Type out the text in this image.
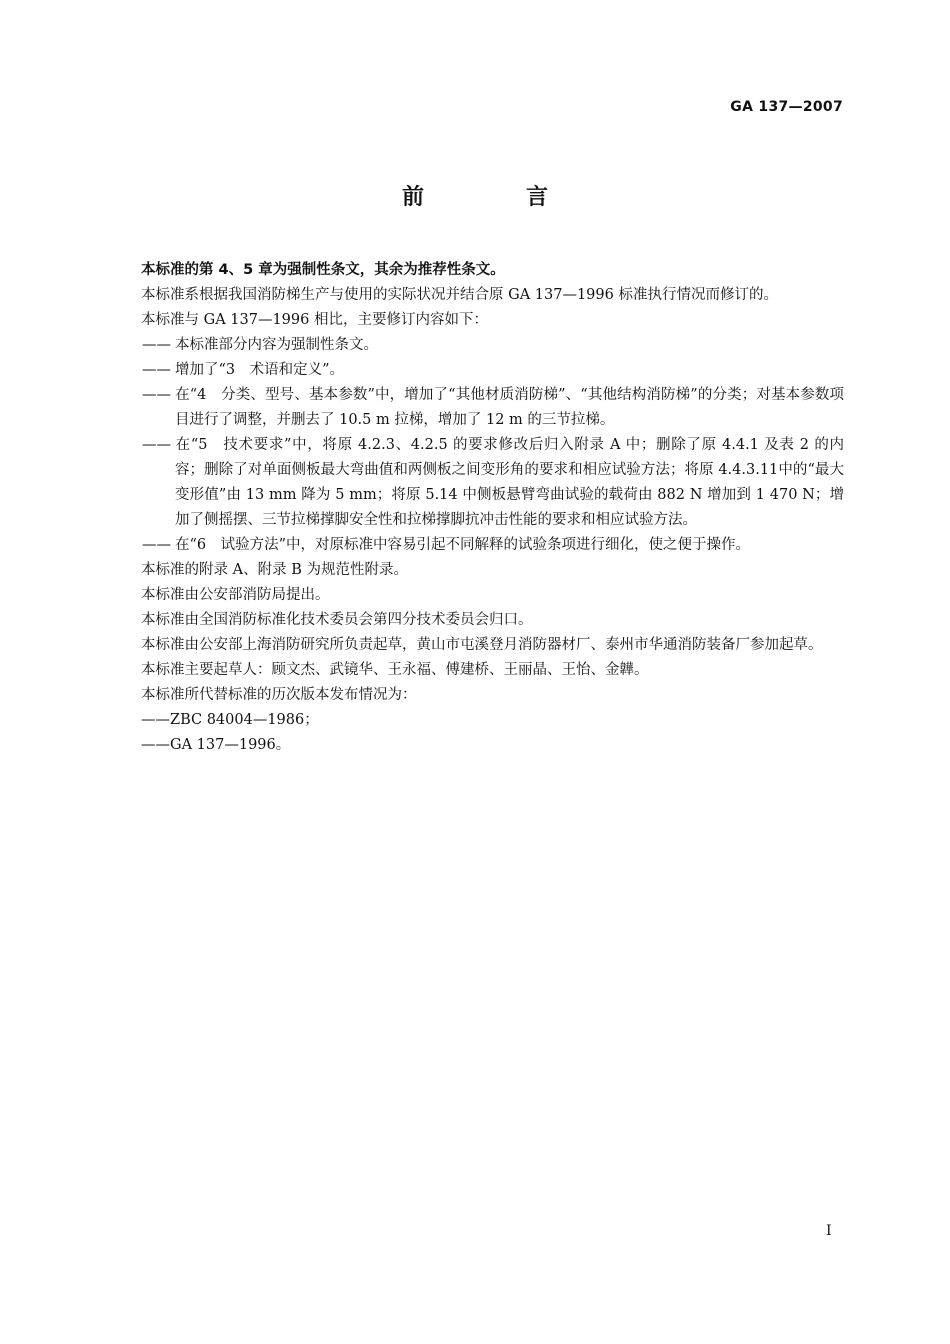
GA 137—2007
前　言

本标准的第 4、5 章为强制性条文，其余为推荐性条文。

本标准系根据我国消防梯生产与使用的实际状况并结合原 GA 137—1996 标准执行情况而修订的。

本标准与 GA 137—1996 相比，主要修订内容如下：

—— 本标准部分内容为强制性条文。

—— 增加了“3　术语和定义”。

—— 在“4　分类、型号、基本参数”中，增加了“其他材质消防梯”、“其他结构消防梯”的分类；对基本参数项目进行了调整，并删去了 10.5 m 拉梯，增加了 12 m 的三节拉梯。

—— 在“5　技术要求”中，将原 4.2.3、4.2.5 的要求修改后归入附录 A 中；删除了原 4.4.1 及表 2 的内容；删除了对单面侧板最大弯曲值和两侧板之间变形角的要求和相应试验方法；将原 4.4.3.11中的“最大变形值”由 13 mm 降为 5 mm；将原 5.14 中侧板悬臂弯曲试验的载荷由 882 N 增加到 1 470 N；增加了侧摇摆、三节拉梯撑脚安全性和拉梯撑脚抗冲击性能的要求和相应试验方法。

—— 在“6　试验方法”中，对原标准中容易引起不同解释的试验条项进行细化，使之便于操作。

本标准的附录 A、附录 B 为规范性附录。

本标准由公安部消防局提出。

本标准由全国消防标准化技术委员会第四分技术委员会归口。

本标准由公安部上海消防研究所负责起草，黄山市屯溪登月消防器材厂、泰州市华通消防装备厂参加起草。

本标准主要起草人：顾文杰、武镜华、王永福、傅建桥、王丽晶、王怡、金韡。

本标准所代替标准的历次版本发布情况为：

——ZBC 84004—1986；

——GA 137—1996。

I
